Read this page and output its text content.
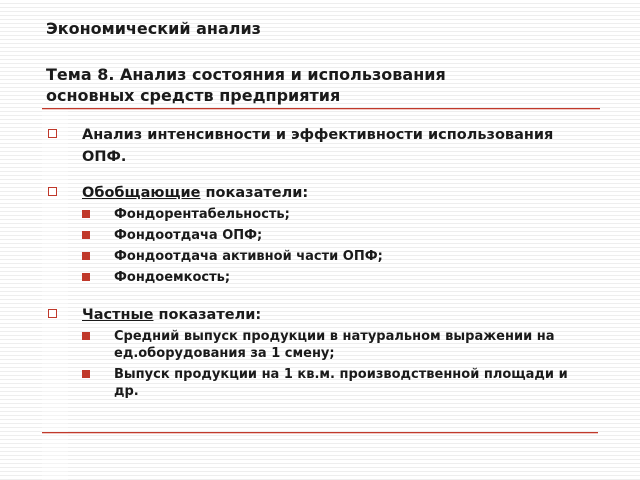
Экономический анализ
Тема 8. Анализ состояния и использования
основных средств предприятия
Анализ интенсивности и эффективности использования
ОПФ.
Обобщающие показатели:
Фондорентабельность;
Фондоотдача ОПФ;
Фондоотдача активной части ОПФ;
Фондоемкость;
Частные показатели:
Средний выпуск продукции в натуральном выражении на
ед.оборудования за 1 смену;
Выпуск продукции на 1 кв.м. производственной площади и
др.
